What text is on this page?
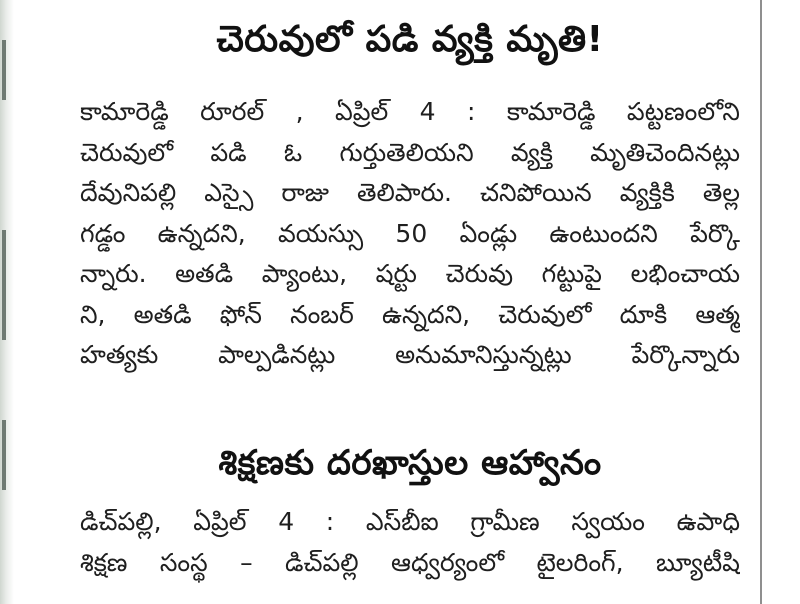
చెరువులో పడి వ్యక్తి మృతి!
కామారెడ్డి రూరల్ , ఏప్రిల్ 4 : కామారెడ్డి పట్టణంలోని
చెరువులో పడి ఓ గుర్తుతెలియని వ్యక్తి మృతిచెందినట్లు
దేవునిపల్లి ఎస్సై రాజు తెలిపారు. చనిపోయిన వ్యక్తికి తెల్ల
గడ్డం ఉన్నదని, వయస్సు 50 ఏండ్లు ఉంటుందని పేర్కొ
న్నారు. అతడి ప్యాంటు, షర్టు చెరువు గట్టుపై లభించాయ
ని, అతడి ఫోన్ నంబర్ ఉన్నదని, చెరువులో దూకి ఆత్మ
హత్యకు పాల్పడినట్లు అనుమానిస్తున్నట్లు పేర్కొన్నారు
శిక్షణకు దరఖాస్తుల ఆహ్వానం
డిచ్‌పల్లి, ఏప్రిల్ 4 : ఎస్‌బీఐ గ్రామీణ స్వయం ఉపాధి
శిక్షణ సంస్థ – డిచ్‌పల్లి ఆధ్వర్యంలో టైలరింగ్, బ్యూటీషి
